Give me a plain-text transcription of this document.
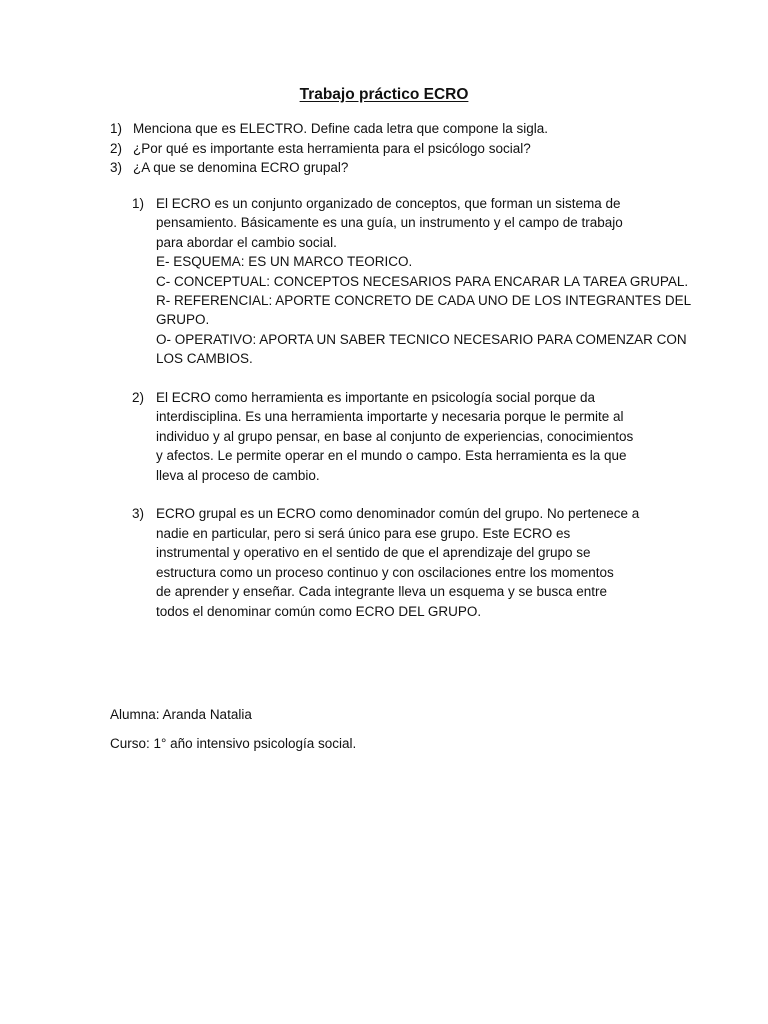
Trabajo práctico ECRO
1) Menciona que es ELECTRO. Define cada letra que compone la sigla.
2) ¿Por qué es importante esta herramienta para el psicólogo social?
3) ¿A que se denomina ECRO grupal?
1) El ECRO es un conjunto organizado de conceptos, que forman un sistema de
pensamiento. Básicamente es una guía, un instrumento y el campo de trabajo
para abordar el cambio social.
E- ESQUEMA: ES UN MARCO TEORICO.
C- CONCEPTUAL: CONCEPTOS NECESARIOS PARA ENCARAR LA TAREA GRUPAL.
R- REFERENCIAL: APORTE CONCRETO DE CADA UNO DE LOS INTEGRANTES DEL
GRUPO.
O- OPERATIVO: APORTA UN SABER TECNICO NECESARIO PARA COMENZAR CON
LOS CAMBIOS.
2) El ECRO como herramienta es importante en psicología social porque da
interdisciplina. Es una herramienta importarte y necesaria porque le permite al
individuo y al grupo pensar, en base al conjunto de experiencias, conocimientos
y afectos. Le permite operar en el mundo o campo. Esta herramienta es la que
lleva al proceso de cambio.
3) ECRO grupal es un ECRO como denominador común del grupo. No pertenece a
nadie en particular, pero si será único para ese grupo. Este ECRO es
instrumental y operativo en el sentido de que el aprendizaje del grupo se
estructura como un proceso continuo y con oscilaciones entre los momentos
de aprender y enseñar. Cada integrante lleva un esquema y se busca entre
todos el denominar común como ECRO DEL GRUPO.
Alumna: Aranda Natalia
Curso: 1° año intensivo psicología social.
